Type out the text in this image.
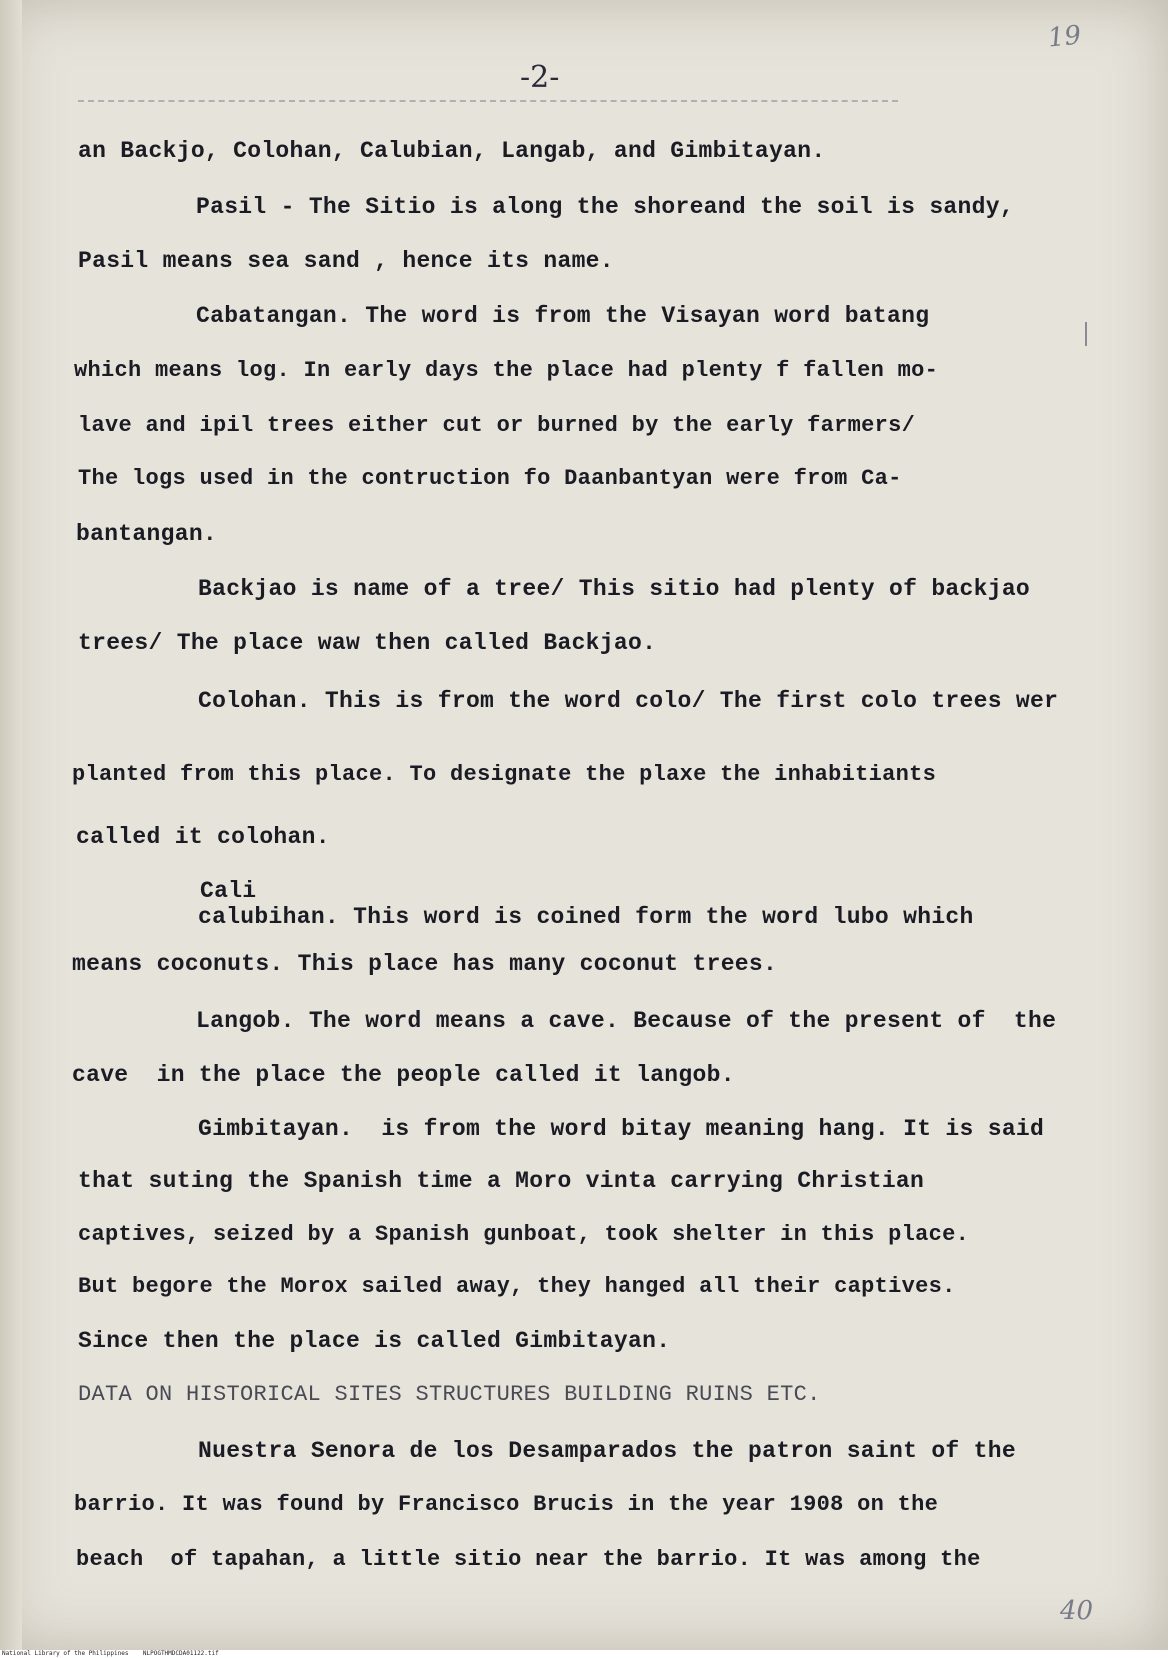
19
-2-
an Backjo, Colohan, Calubian, Langab, and Gimbitayan.
Pasil - The Sitio is along the shoreand the soil is sandy,
Pasil means sea sand , hence its name.
Cabatangan. The word is from the Visayan word batang
which means log. In early days the place had plenty f fallen mo-
lave and ipil trees either cut or burned by the early farmers/
The logs used in the contruction fo Daanbantyan were from Ca-
bantangan.
Backjao is name of a tree/ This sitio had plenty of backjao
trees/ The place waw then called Backjao.
Colohan. This is from the word colo/ The first colo trees wer
planted from this place. To designate the plaxe the inhabitiants
called it colohan.
Cali
calubihan. This word is coined form the word lubo which
means coconuts. This place has many coconut trees.
Langob. The word means a cave. Because of the present of  the
cave  in the place the people called it langob.
Gimbitayan.  is from the word bitay meaning hang. It is said
that suting the Spanish time a Moro vinta carrying Christian
captives, seized by a Spanish gunboat, took shelter in this place.
But begore the Morox sailed away, they hanged all their captives.
Since then the place is called Gimbitayan.
DATA ON HISTORICAL SITES STRUCTURES BUILDING RUINS ETC.
Nuestra Senora de los Desamparados the patron saint of the
barrio. It was found by Francisco Brucis in the year 1908 on the
beach  of tapahan, a little sitio near the barrio. It was among the
40
National Library of the Philippines    NLPOGTHMDCDA01122.tif
